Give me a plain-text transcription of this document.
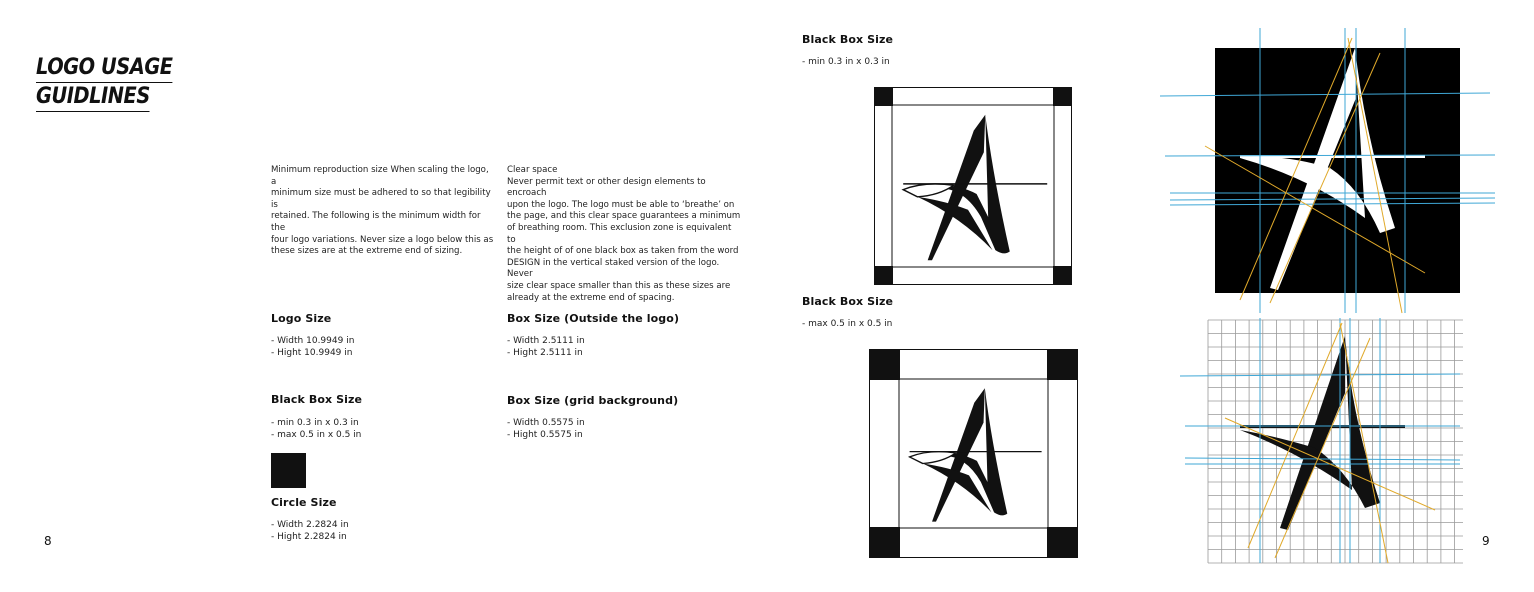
LOGO USAGE
GUIDLINES
Minimum reproduction size When scaling the logo, a
minimum size must be adhered to so that legibility is
retained. The following is the minimum width for the
four logo variations. Never size a logo below this as
these sizes are at the extreme end of sizing.
Clear space
Never permit text or other design elements to encroach
upon the logo. The logo must be able to ‘breathe’ on
the page, and this clear space guarantees a minimum
of breathing room. This exclusion zone is equivalent to
the height of of one black box as taken from the word
DESIGN in the vertical staked version of the logo. Never
size clear space smaller than this as these sizes are
already at the extreme end of spacing.
Logo Size
- Width 10.9949 in
- Hight 10.9949 in
Box Size (Outside the logo)
- Width 2.5111 in
- Hight 2.5111 in
Black Box Size
- min 0.3 in x 0.3 in
- max 0.5 in x 0.5 in
Box Size (grid background)
- Width 0.5575 in
- Hight 0.5575 in
Circle Size
- Width 2.2824 in
- Hight 2.2824 in
8
Black Box Size
- min 0.3 in x 0.3 in
Black Box Size
- max 0.5 in x 0.5 in
9
